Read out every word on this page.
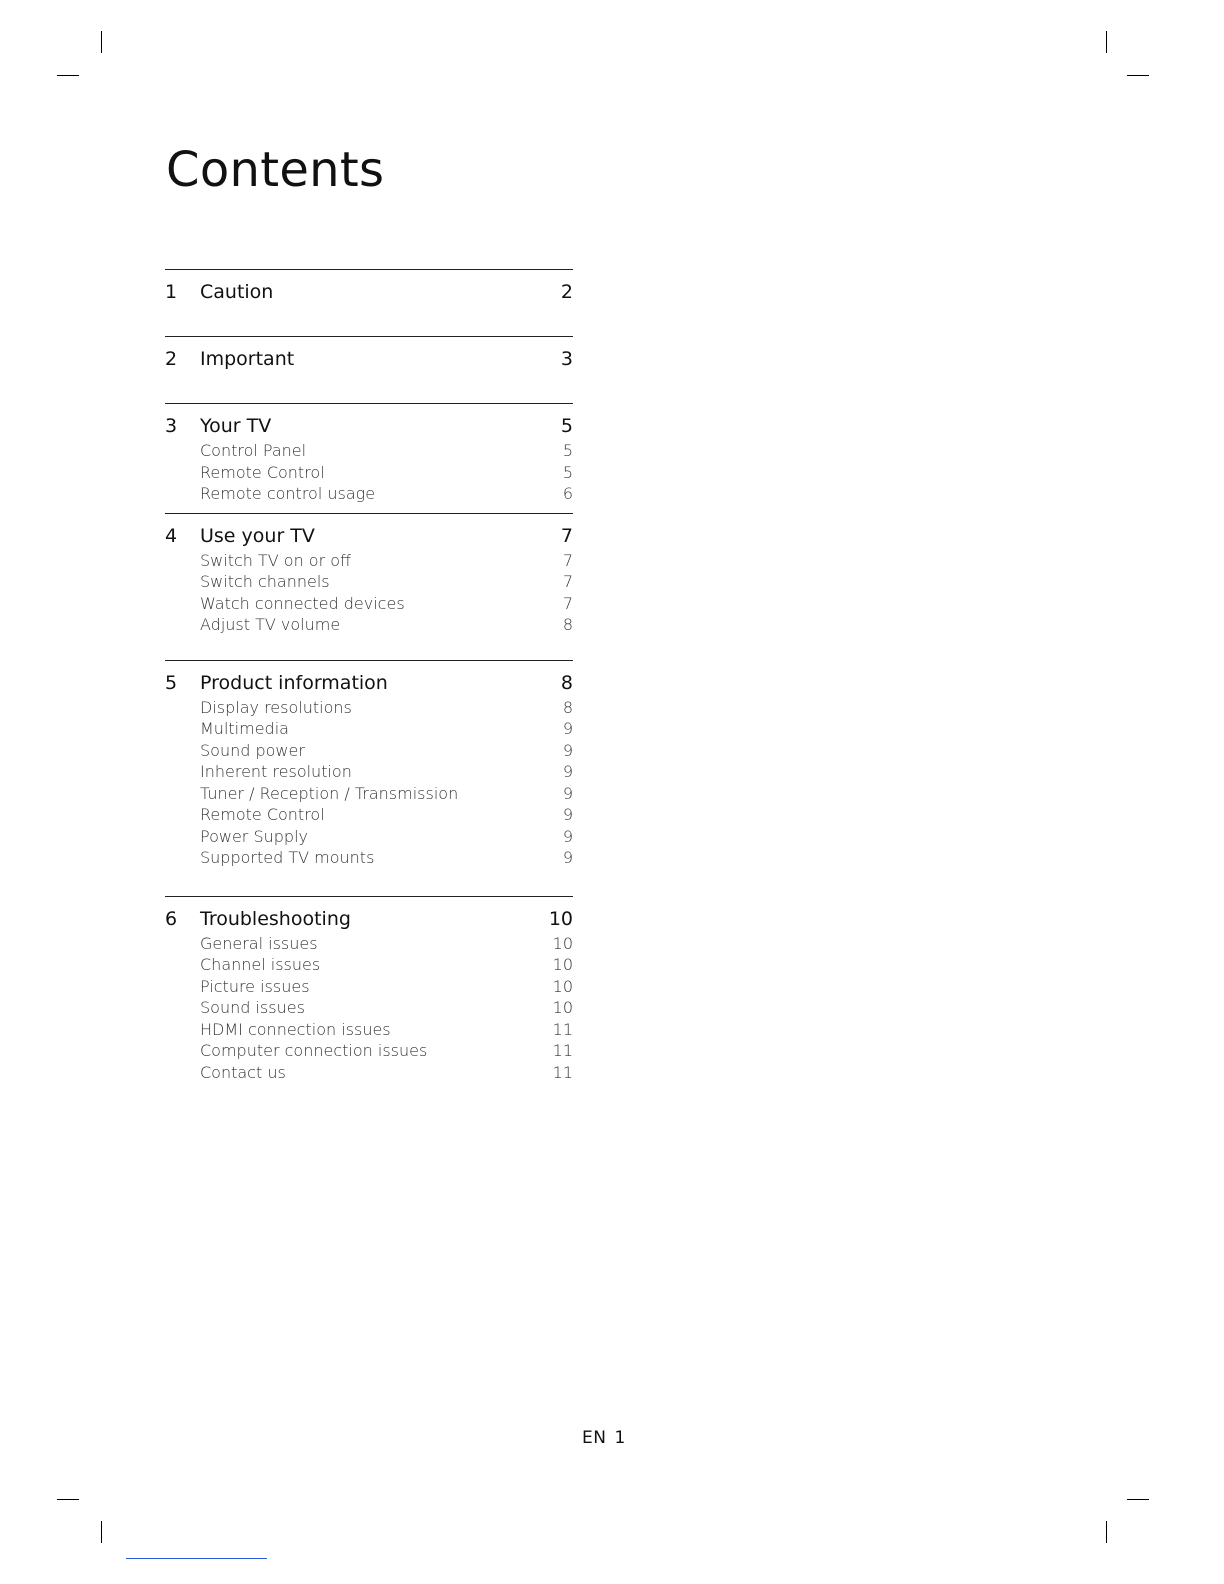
Contents
1	Caution	2
2	Important	3
3	Your TV	5
Control Panel	5
Remote Control	5
Remote control usage	6
4	Use your TV	7
Switch TV on or off	7
Switch channels	7
Watch connected devices	7
Adjust TV volume	8
5	Product information	8
Display resolutions	8
Multimedia	9
Sound power	9
Inherent resolution	9
Tuner / Reception / Transmission	9
Remote Control	9
Power Supply	9
Supported TV mounts	9
6	Troubleshooting	10
General issues	10
Channel issues	10
Picture issues	10
Sound issues	10
HDMI connection issues	11
Computer connection issues	11
Contact us	11
EN 1
